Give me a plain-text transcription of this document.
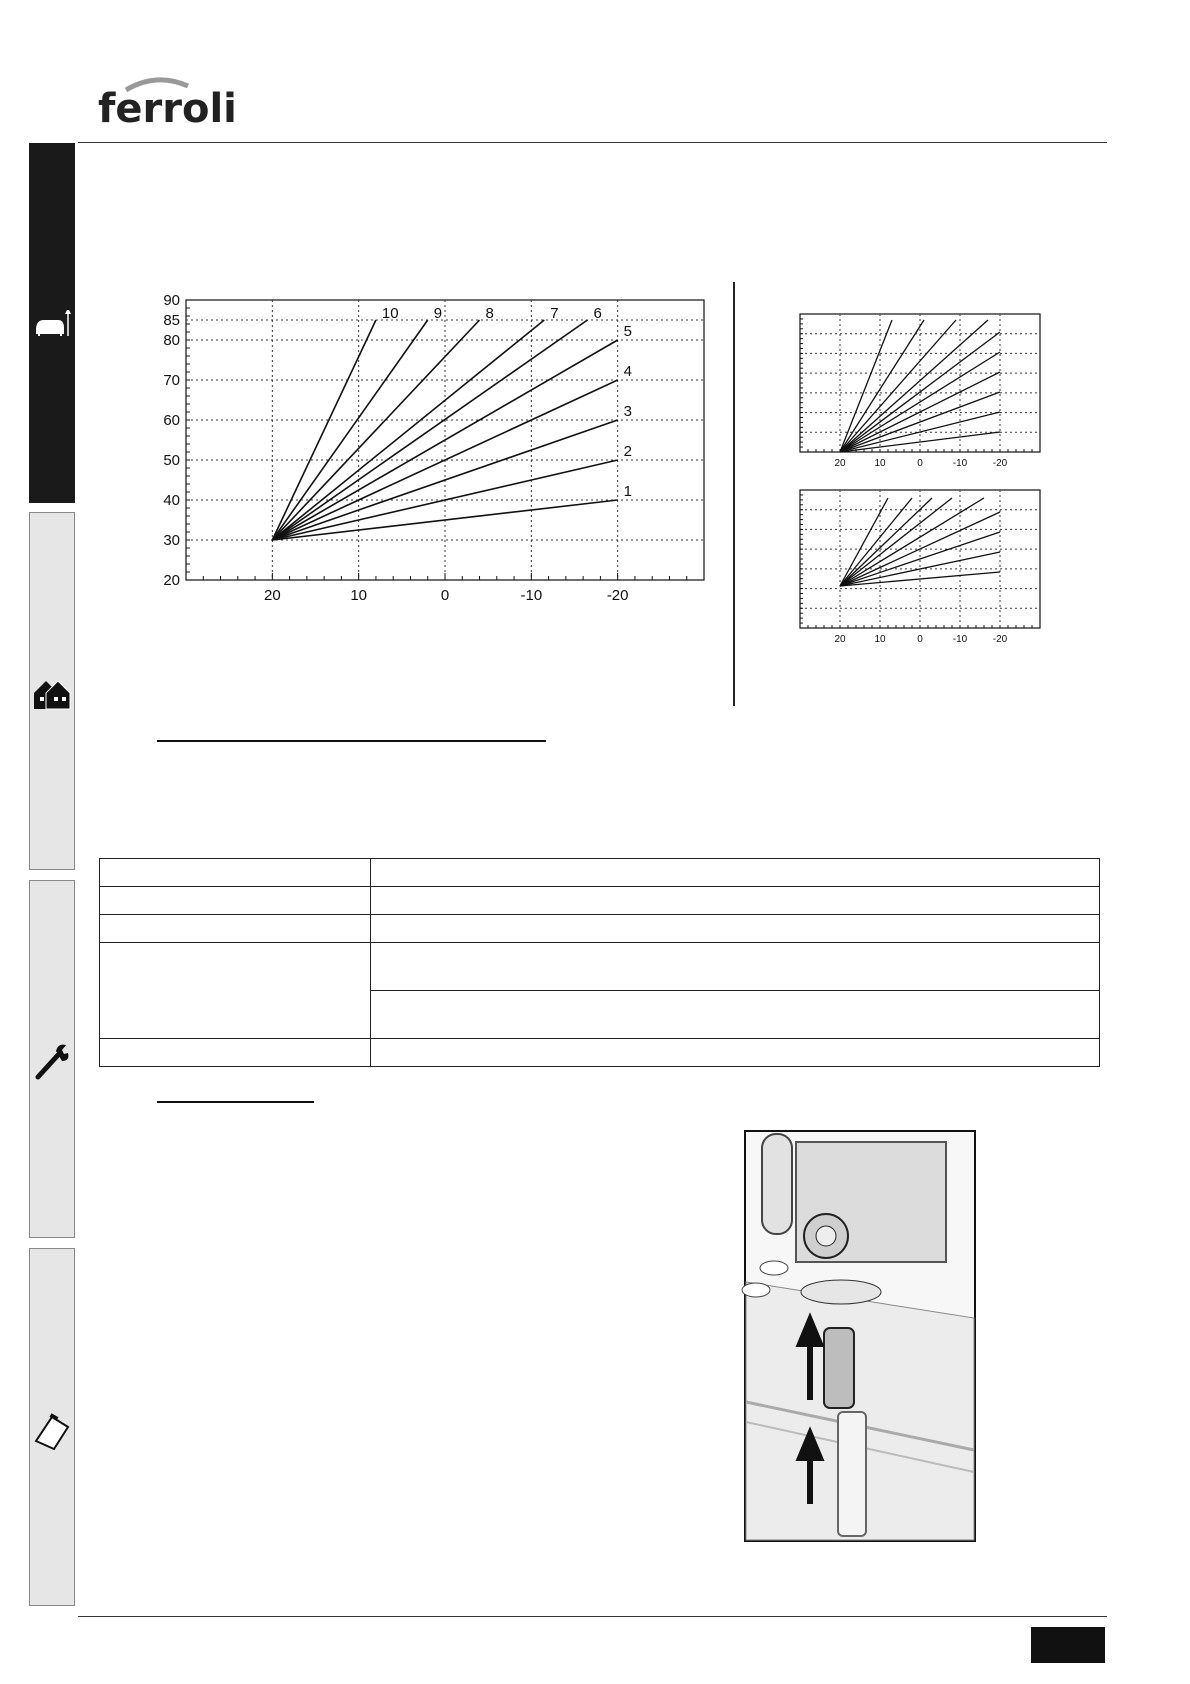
ferroli
20	10	0	-10	-20
90
85
80
70
60
50
40
30
20
1
2
3
4
5
6
7
8
9
10
20	10	0	-10	-20
20	10	0	-10	-20
